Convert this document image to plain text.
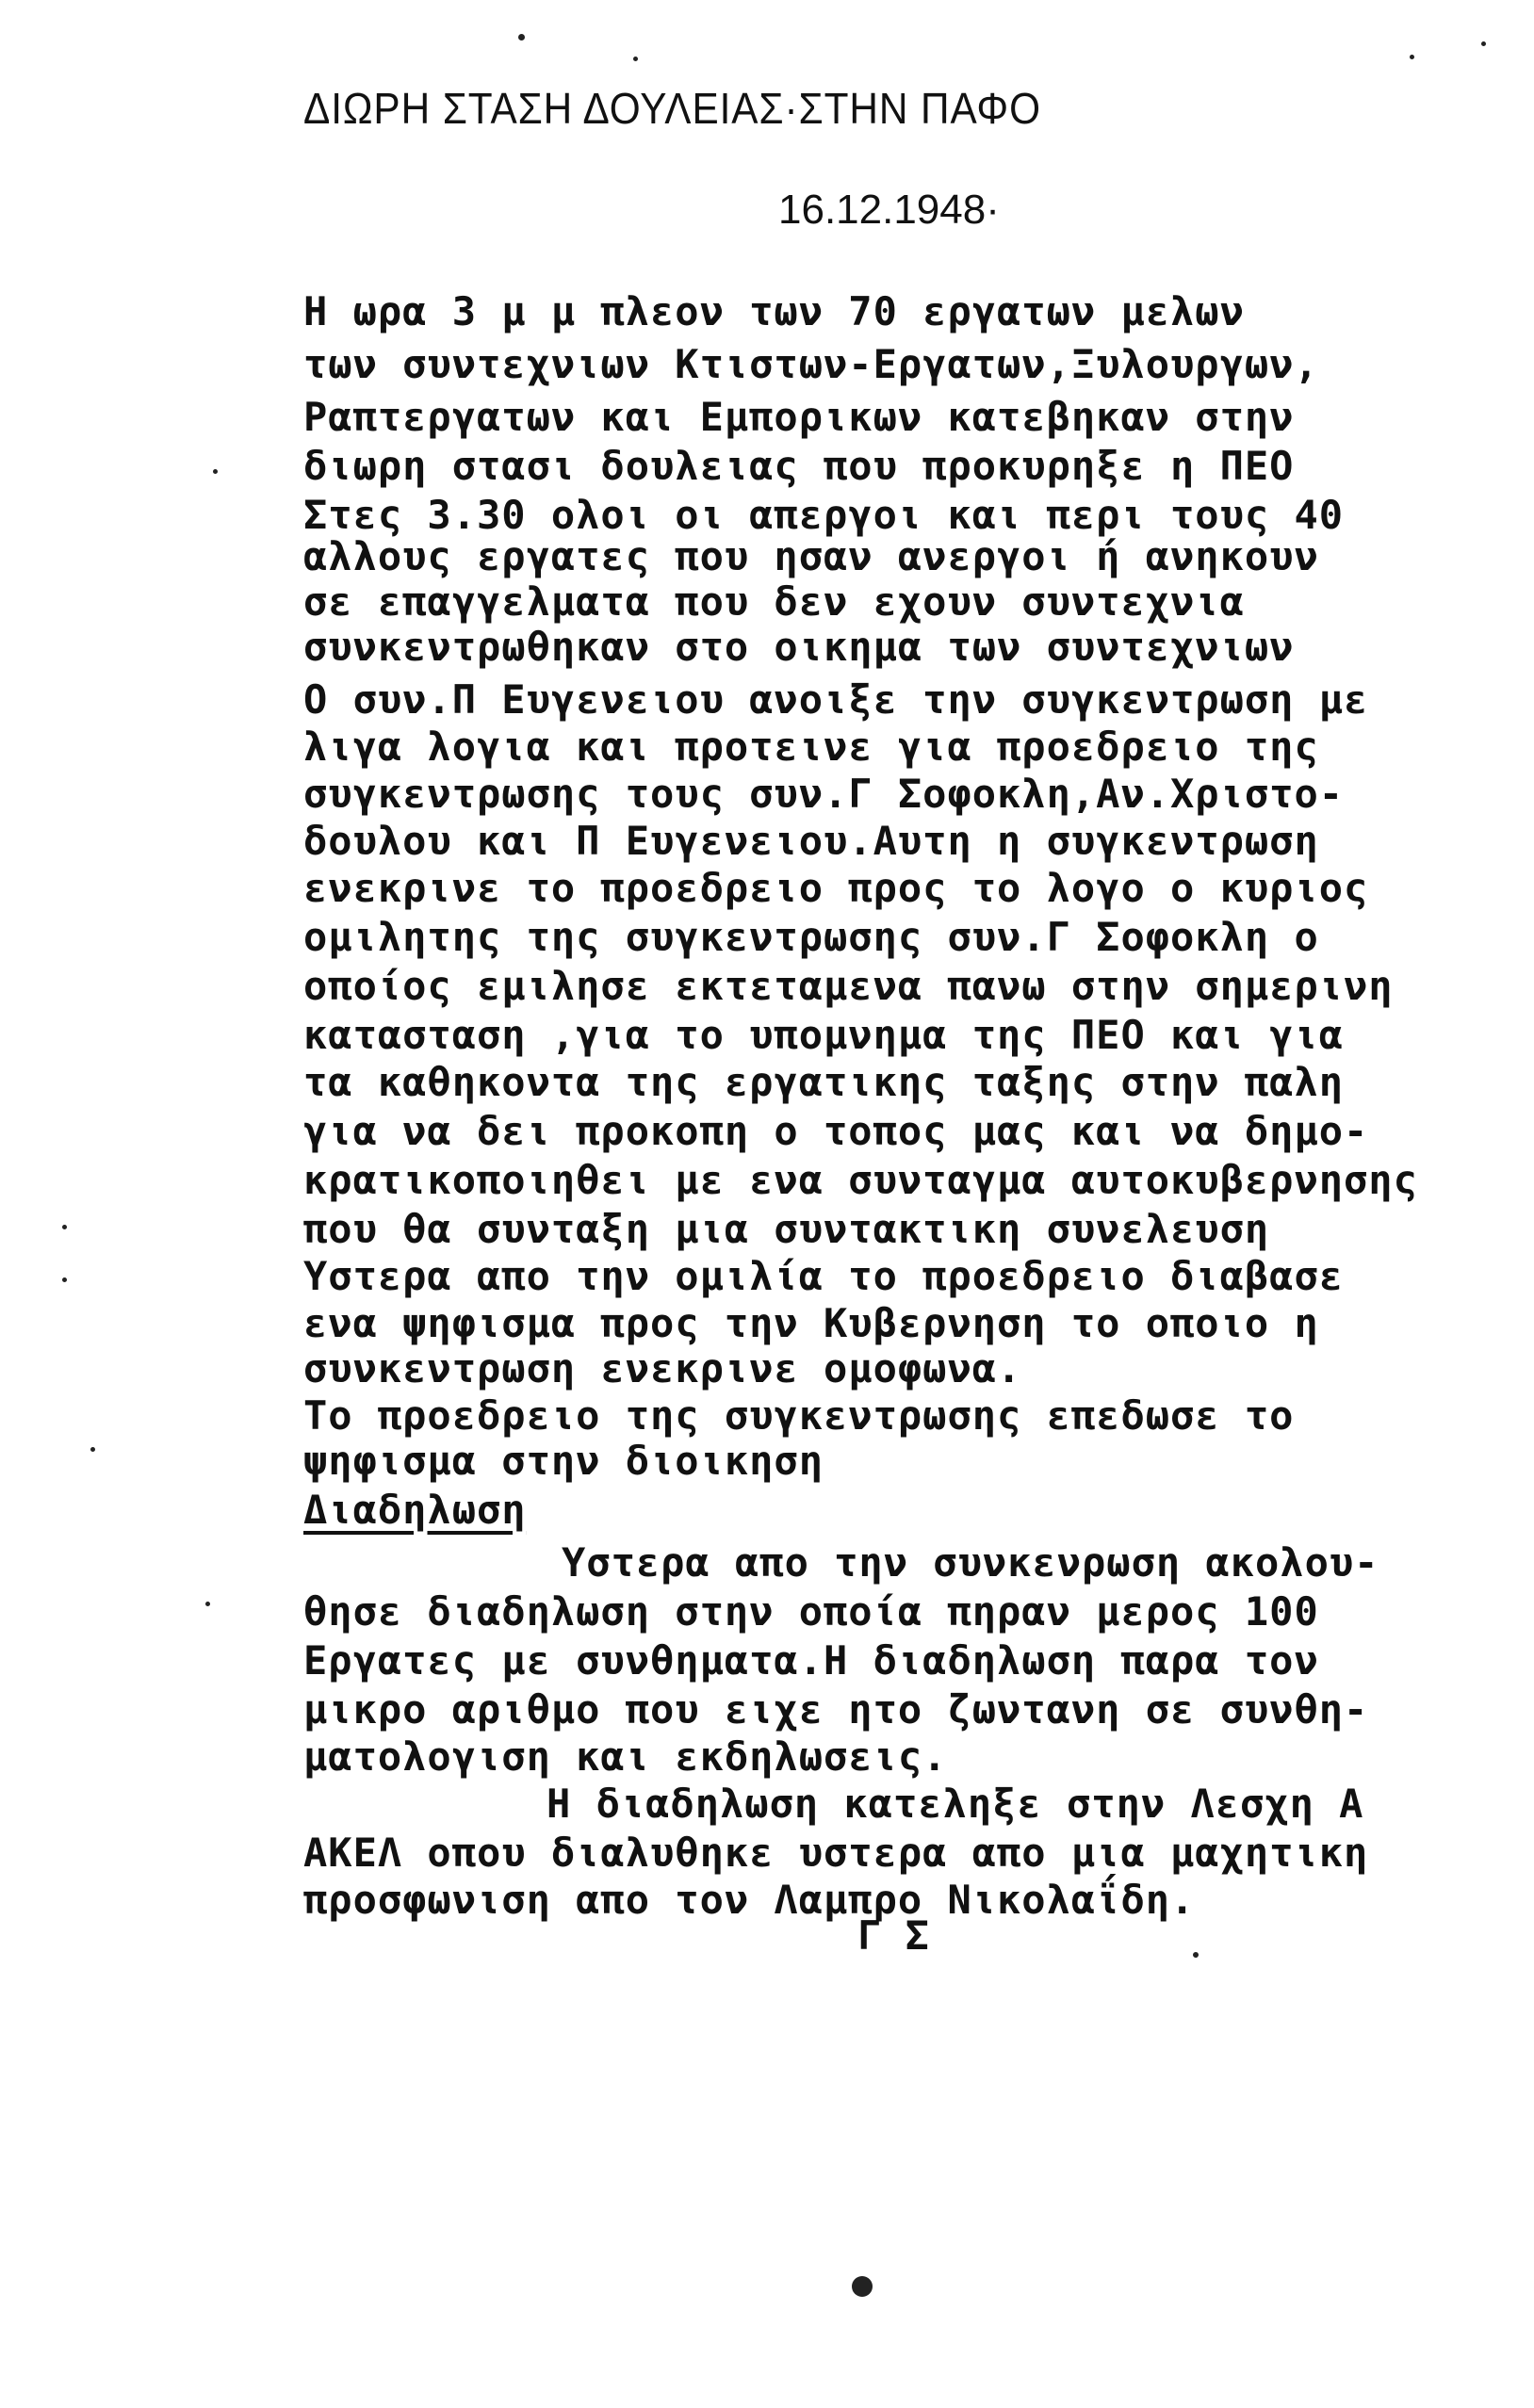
ΔΙΩΡΗ ΣΤΑΣΗ ΔΟΥΛΕΙΑΣ·ΣΤΗΝ ΠΑΦΟ
16.12.1948·
Η ωρα 3 μ μ πλεον των 70 εργατων μελων
των συντεχνιων Κτιστων-Εργατων,Ξυλουργων,
Ραπτεργατων και Εμπορικων κατεβηκαν στην
διωρη στασι δουλειας που προκυρηξε η ΠΕΟ
Στες 3.30 ολοι οι απεργοι και περι τους 40
αλλους εργατες που ησαν ανεργοι ή ανηκουν
σε επαγγελματα που δεν εχουν συντεχνια
συνκεντρωθηκαν στο οικημα των συντεχνιων
Ο συν.Π Ευγενειου ανοιξε την συγκεντρωση με
λιγα λογια και προτεινε για προεδρειο της
συγκεντρωσης τους συν.Γ Σοφοκλη,Αν.Χριστο-
δουλου και Π Ευγενειου.Αυτη η συγκεντρωση
ενεκρινε το προεδρειο προς το λογο ο κυριος
ομιλητης της συγκεντρωσης συν.Γ Σοφοκλη ο
οποίος εμιλησε εκτεταμενα πανω στην σημερινη
κατασταση ,για το υπομνημα της ΠΕΟ και για
τα καθηκοντα της εργατικης ταξης στην παλη
για να δει προκοπη ο τοπος μας και να δημο-
κρατικοποιηθει με ενα συνταγμα αυτοκυβερνησης
που θα συνταξη μια συντακτικη συνελευση
Υστερα απο την ομιλία το προεδρειο διαβασε
ενα ψηφισμα προς την Κυβερνηση το οποιο η
συνκεντρωση ενεκρινε ομοφωνα.
Το προεδρειο της συγκεντρωσης επεδωσε το
ψηφισμα στην διοικηση
Διαδηλωση
Υστερα απο την συνκενρωση ακολου-
θησε διαδηλωση στην οποία πηραν μερος 100
Εργατες με συνθηματα.Η διαδηλωση παρα τον
μικρο αριθμο που ειχε ητο ζωντανη σε συνθη-
ματολογιση και εκδηλωσεις.
Η διαδηλωση κατεληξε στην Λεσχη Α
ΑΚΕΛ οπου διαλυθηκε υστερα απο μια μαχητικη
προσφωνιση απο τον Λαμπρο Νικολαΐδη.
Γ Σ
